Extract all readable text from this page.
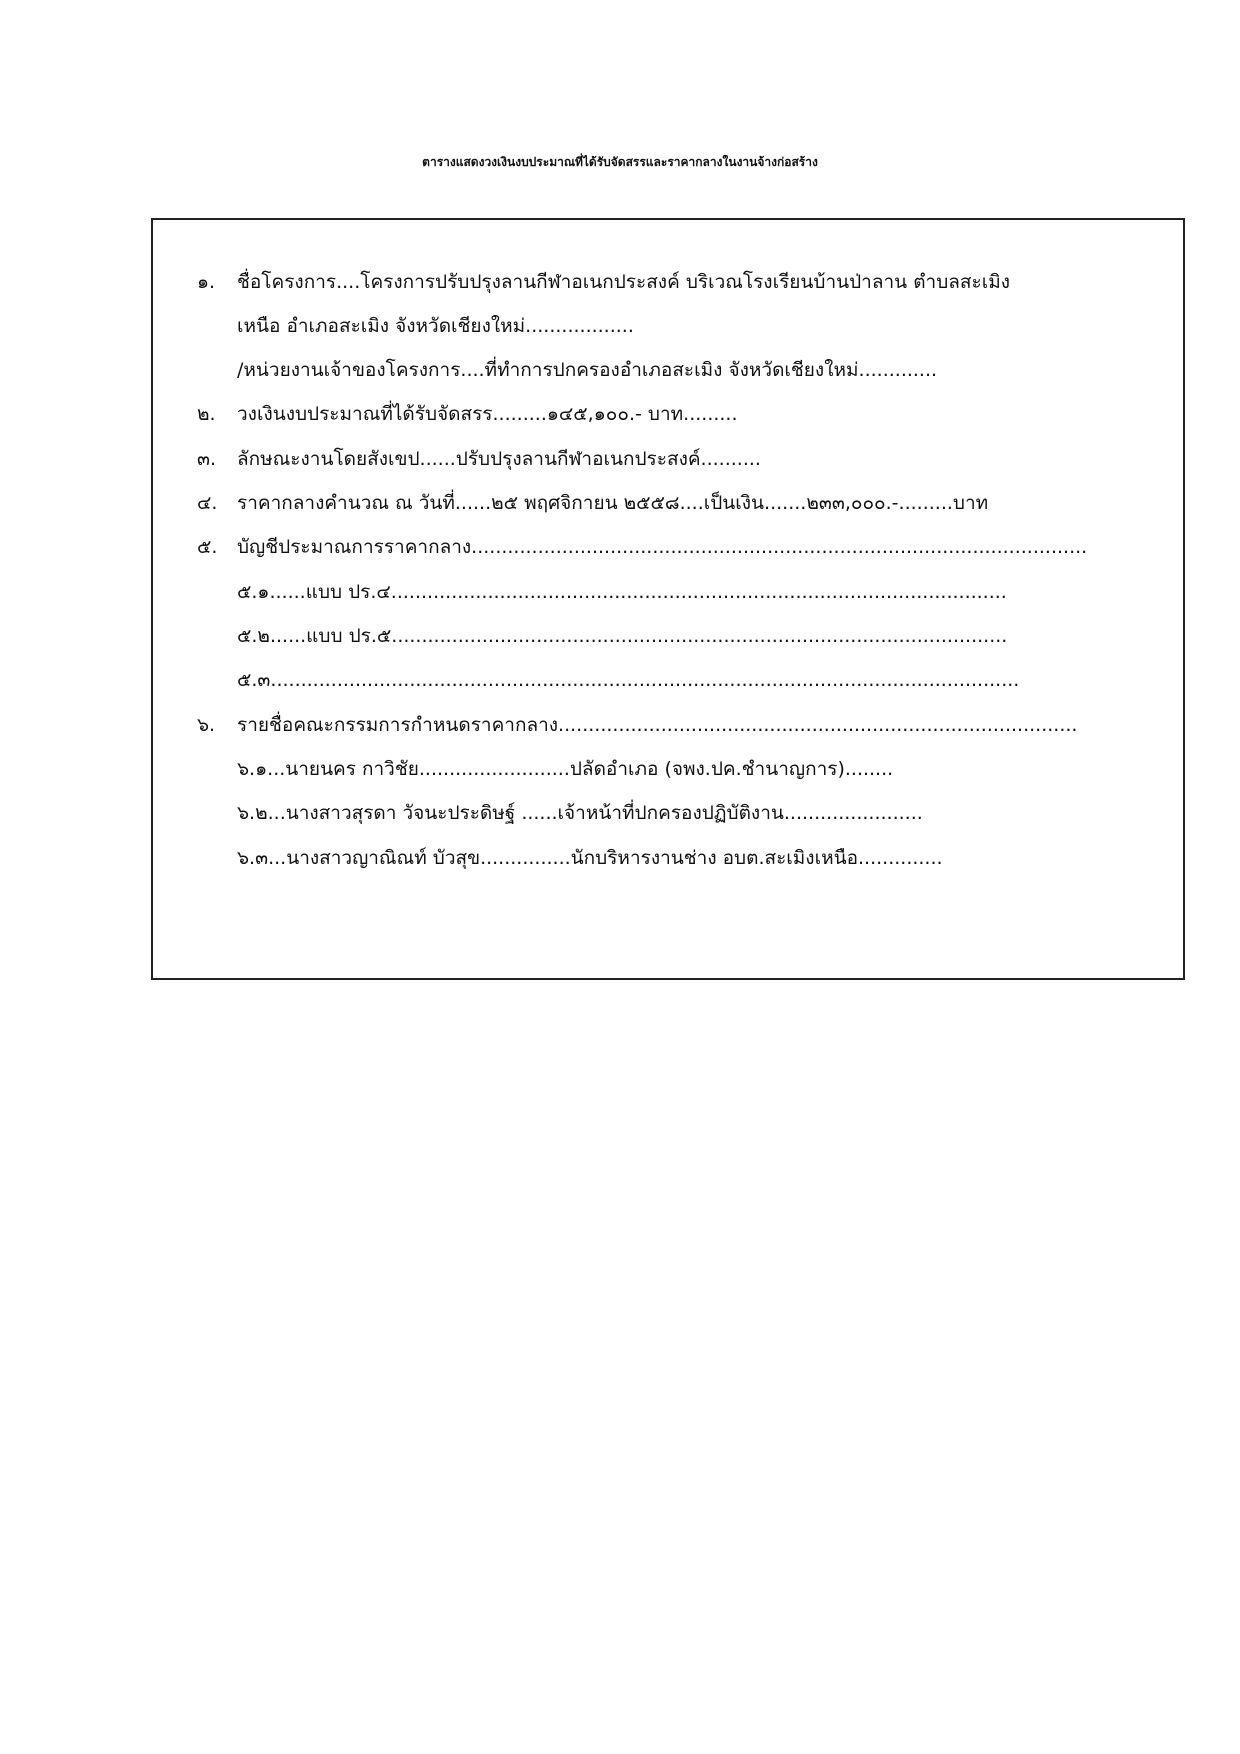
ตารางแสดงวงเงินงบประมาณที่ได้รับจัดสรรและราคากลางในงานจ้างก่อสร้าง
๑. ชื่อโครงการ....โครงการปรับปรุงลานกีฬาอเนกประสงค์ บริเวณโรงเรียนบ้านป่าลาน ตำบลสะเมิง
เหนือ อำเภอสะเมิง จังหวัดเชียงใหม่..................
/หน่วยงานเจ้าของโครงการ....ที่ทำการปกครองอำเภอสะเมิง จังหวัดเชียงใหม่.............
๒. วงเงินงบประมาณที่ได้รับจัดสรร.........๑๔๕,๑๐๐.- บาท.........
๓. ลักษณะงานโดยสังเขป......ปรับปรุงลานกีฬาอเนกประสงค์..........
๔. ราคากลางคำนวณ ณ วันที่......๒๕ พฤศจิกายน ๒๕๕๘....เป็นเงิน.......๒๓๓,๐๐๐.-.........บาท
๕. บัญชีประมาณการราคากลาง......................................................................................................
๕.๑......แบบ ปร.๔......................................................................................................
๕.๒......แบบ ปร.๕......................................................................................................
๕.๓............................................................................................................................
๖. รายชื่อคณะกรรมการกำหนดราคากลาง......................................................................................
๖.๑...นายนคร กาวิชัย.........................ปลัดอำเภอ (จพง.ปค.ชำนาญการ)........
๖.๒...นางสาวสุรดา วัจนะประดิษฐ์ ......เจ้าหน้าที่ปกครองปฏิบัติงาน.......................
๖.๓...นางสาวญาณิณท์ บัวสุข...............นักบริหารงานช่าง อบต.สะเมิงเหนือ..............
